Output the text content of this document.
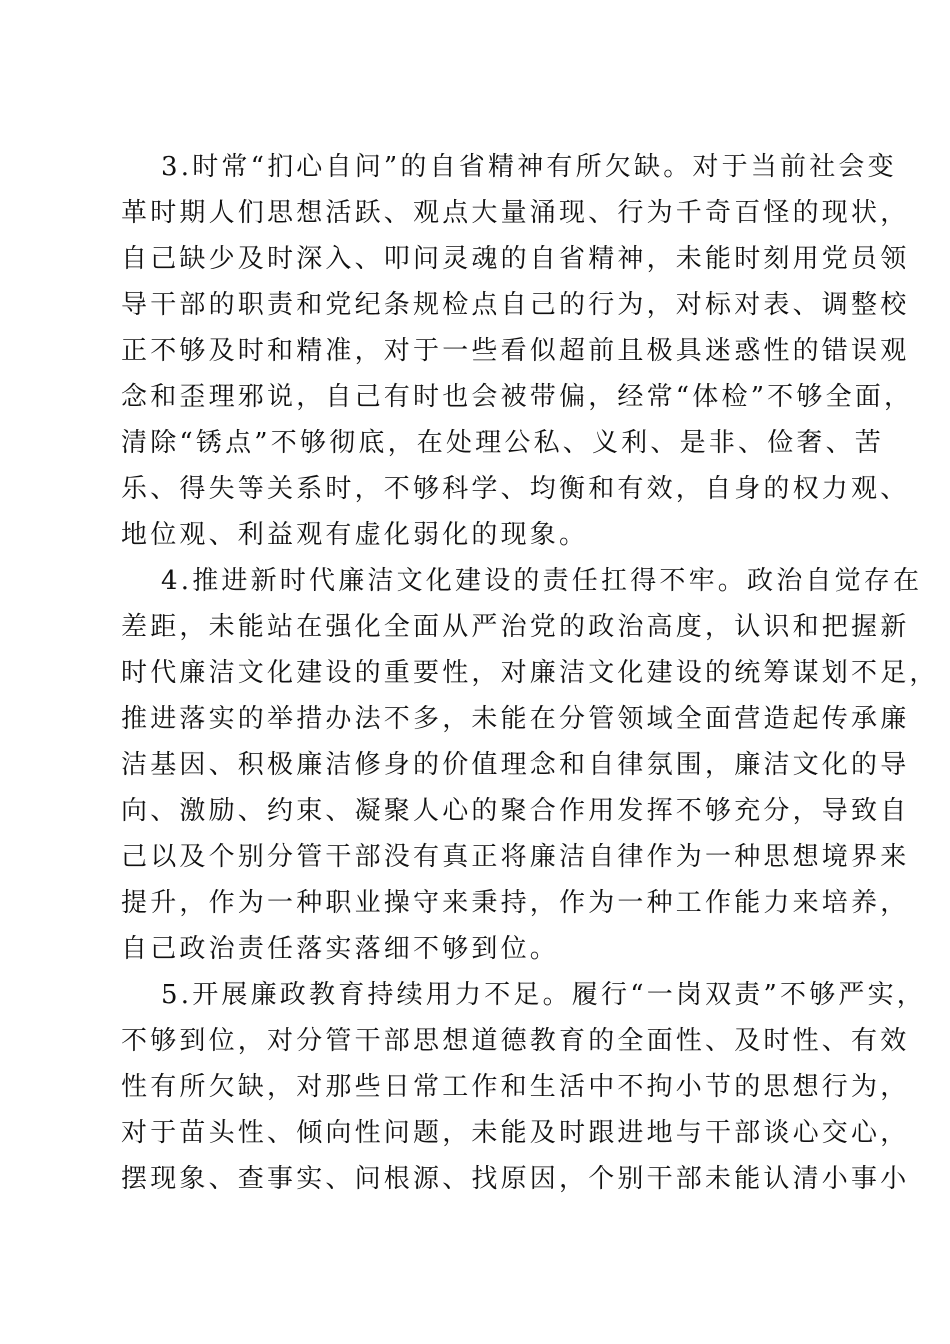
3.时常“扪心自问”的自省精神有所欠缺。对于当前社会变
革时期人们思想活跃、观点大量涌现、行为千奇百怪的现状，
自己缺少及时深入、叩问灵魂的自省精神，未能时刻用党员领
导干部的职责和党纪条规检点自己的行为，对标对表、调整校
正不够及时和精准，对于一些看似超前且极具迷惑性的错误观
念和歪理邪说，自己有时也会被带偏，经常“体检”不够全面，
清除“锈点”不够彻底，在处理公私、义利、是非、俭奢、苦
乐、得失等关系时，不够科学、均衡和有效，自身的权力观、
地位观、利益观有虚化弱化的现象。
4.推进新时代廉洁文化建设的责任扛得不牢。政治自觉存在
差距，未能站在强化全面从严治党的政治高度，认识和把握新
时代廉洁文化建设的重要性，对廉洁文化建设的统筹谋划不足，
推进落实的举措办法不多，未能在分管领域全面营造起传承廉
洁基因、积极廉洁修身的价值理念和自律氛围，廉洁文化的导
向、激励、约束、凝聚人心的聚合作用发挥不够充分，导致自
己以及个别分管干部没有真正将廉洁自律作为一种思想境界来
提升，作为一种职业操守来秉持，作为一种工作能力来培养，
自己政治责任落实落细不够到位。
5.开展廉政教育持续用力不足。履行“一岗双责”不够严实，
不够到位，对分管干部思想道德教育的全面性、及时性、有效
性有所欠缺，对那些日常工作和生活中不拘小节的思想行为，
对于苗头性、倾向性问题，未能及时跟进地与干部谈心交心，
摆现象、查事实、问根源、找原因，个别干部未能认清小事小
